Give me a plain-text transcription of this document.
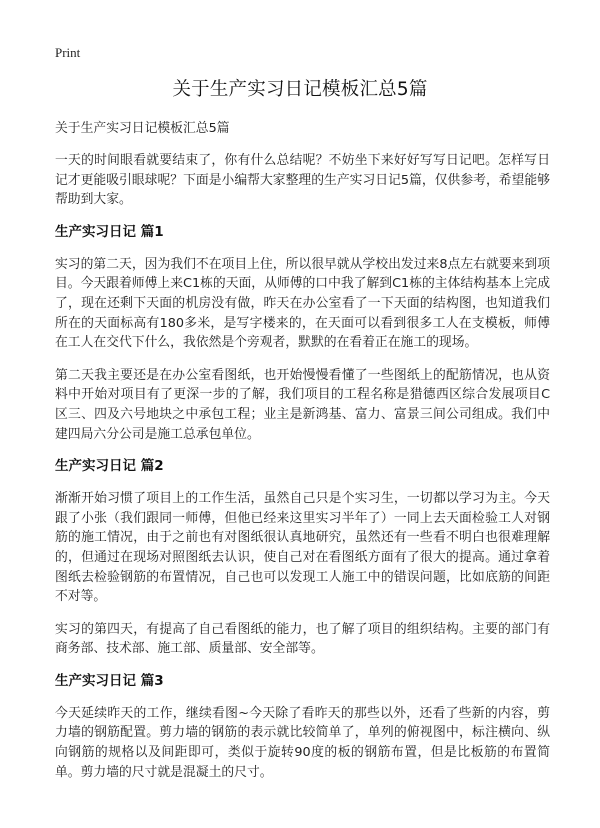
Print
关于生产实习日记模板汇总5篇

关于生产实习日记模板汇总5篇

一天的时间眼看就要结束了，你有什么总结呢？不妨坐下来好好写写日记吧。怎样写日记才更能吸引眼球呢？下面是小编帮大家整理的生产实习日记5篇，仅供参考，希望能够帮助到大家。

生产实习日记 篇1

实习的第二天，因为我们不在项目上住，所以很早就从学校出发过来8点左右就要来到项目。今天跟着师傅上来C1栋的天面，从师傅的口中我了解到C1栋的主体结构基本上完成了，现在还剩下天面的机房没有做，昨天在办公室看了一下天面的结构图，也知道我们所在的天面标高有180多米，是写字楼来的，在天面可以看到很多工人在支模板，师傅在工人在交代下什么，我依然是个旁观者，默默的在看着正在施工的现场。

第二天我主要还是在办公室看图纸，也开始慢慢看懂了一些图纸上的配筋情况，也从资料中开始对项目有了更深一步的了解，我们项目的工程名称是猎德西区综合发展项目C区三、四及六号地块之中承包工程；业主是新鸿基、富力、富景三间公司组成。我们中建四局六分公司是施工总承包单位。

生产实习日记 篇2

渐渐开始习惯了项目上的工作生活，虽然自己只是个实习生，一切都以学习为主。今天跟了小张（我们跟同一师傅，但他已经来这里实习半年了）一同上去天面检验工人对钢筋的施工情况，由于之前也有对图纸很认真地研究，虽然还有一些看不明白也很难理解的，但通过在现场对照图纸去认识，使自己对在看图纸方面有了很大的提高。通过拿着图纸去检验钢筋的布置情况，自己也可以发现工人施工中的错误问题，比如底筋的间距不对等。

实习的第四天，有提高了自己看图纸的能力，也了解了项目的组织结构。主要的部门有商务部、技术部、施工部、质量部、安全部等。

生产实习日记 篇3

今天延续昨天的工作，继续看图~今天除了看昨天的那些以外，还看了些新的内容，剪力墙的钢筋配置。剪力墙的钢筋的表示就比较简单了，单列的俯视图中，标注横向、纵向钢筋的规格以及间距即可，类似于旋转90度的板的钢筋布置，但是比板筋的布置简单。剪力墙的尺寸就是混凝土的尺寸。
